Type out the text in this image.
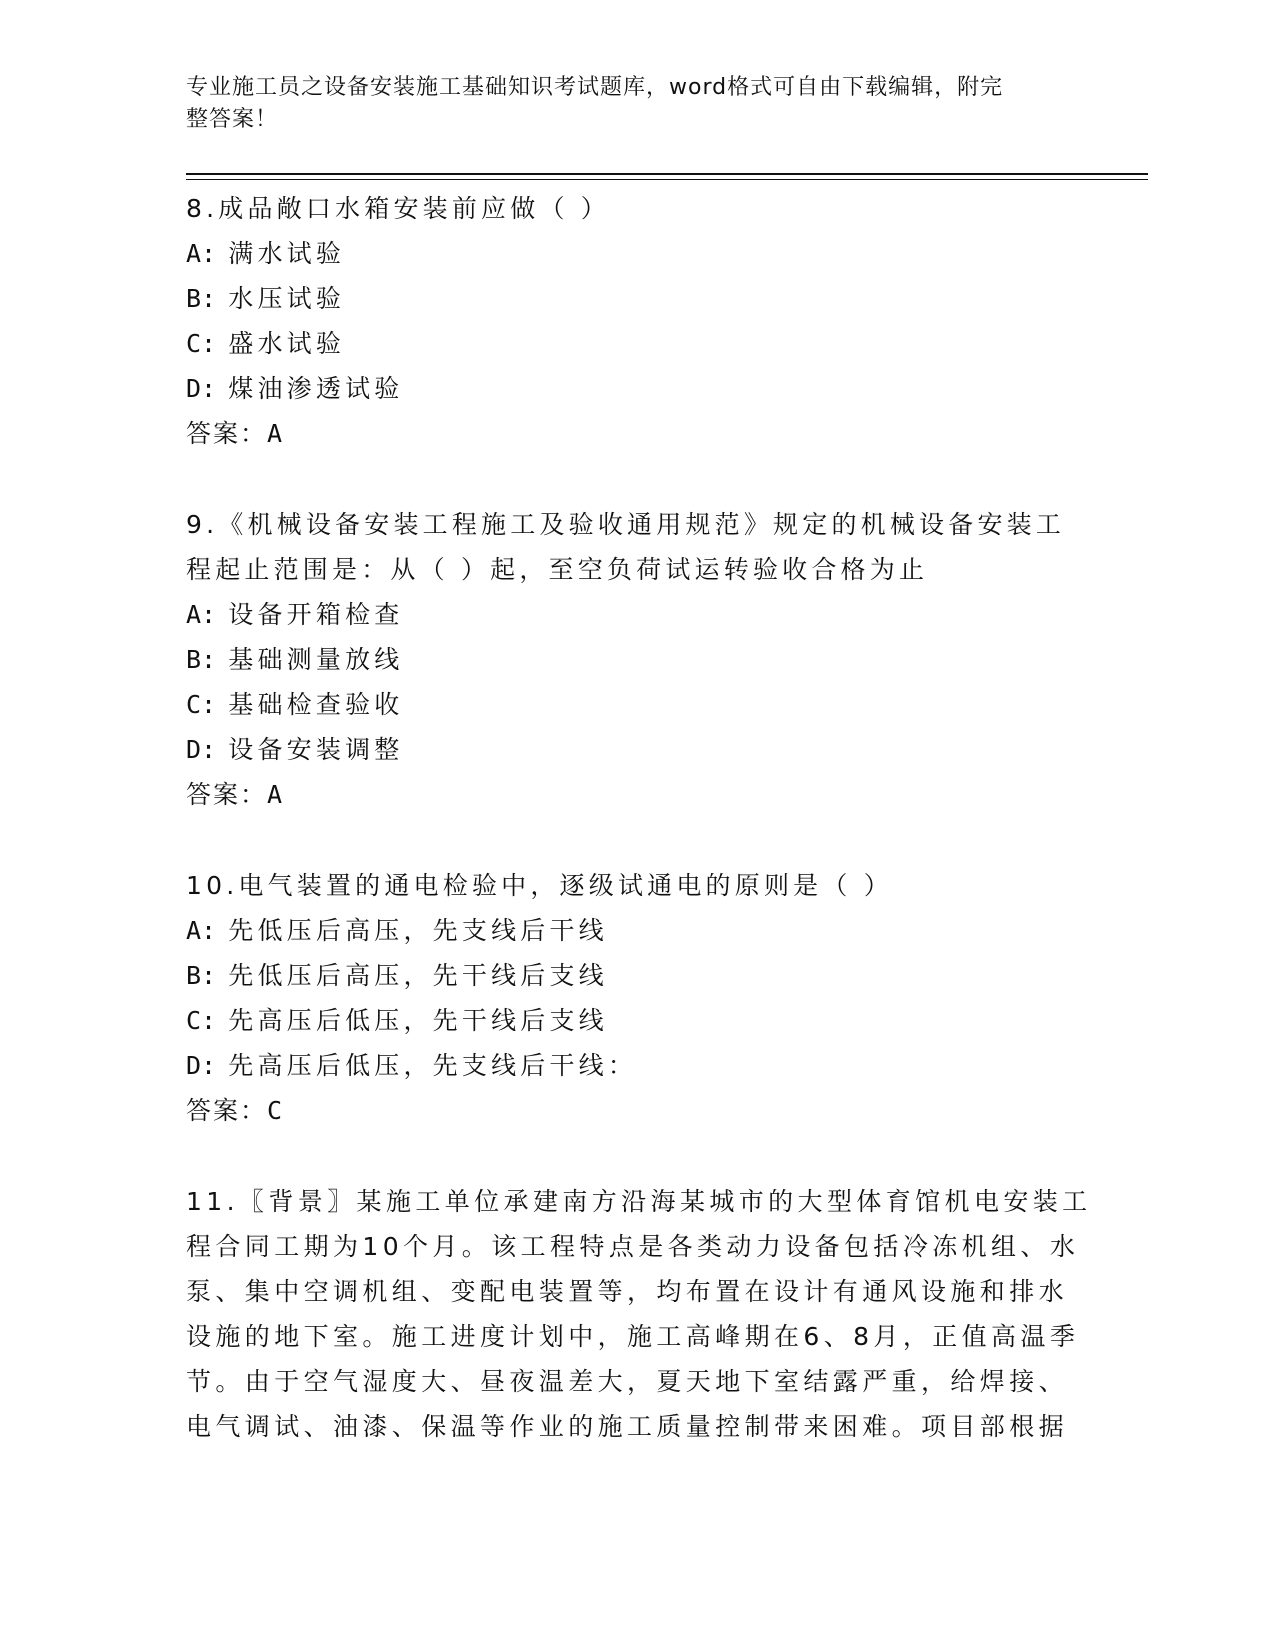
专业施工员之设备安装施工基础知识考试题库，word格式可自由下载编辑，附完
整答案！
8.成品敞口水箱安装前应做（ ）
A: 满水试验
B: 水压试验
C: 盛水试验
D: 煤油渗透试验
答案：A
9.《机械设备安装工程施工及验收通用规范》规定的机械设备安装工
程起止范围是：从（ ）起，至空负荷试运转验收合格为止
A: 设备开箱检查
B: 基础测量放线
C: 基础检查验收
D: 设备安装调整
答案：A
10.电气装置的通电检验中，逐级试通电的原则是（ ）
A: 先低压后高压，先支线后干线
B: 先低压后高压，先干线后支线
C: 先高压后低压，先干线后支线
D: 先高压后低压，先支线后干线：
答案：C
11.〖背景〗某施工单位承建南方沿海某城市的大型体育馆机电安装工
程合同工期为10个月。该工程特点是各类动力设备包括冷冻机组、水
泵、集中空调机组、变配电装置等，均布置在设计有通风设施和排水
设施的地下室。施工进度计划中，施工高峰期在6、8月，正值高温季
节。由于空气湿度大、昼夜温差大，夏天地下室结露严重，给焊接、
电气调试、油漆、保温等作业的施工质量控制带来困难。项目部根据
